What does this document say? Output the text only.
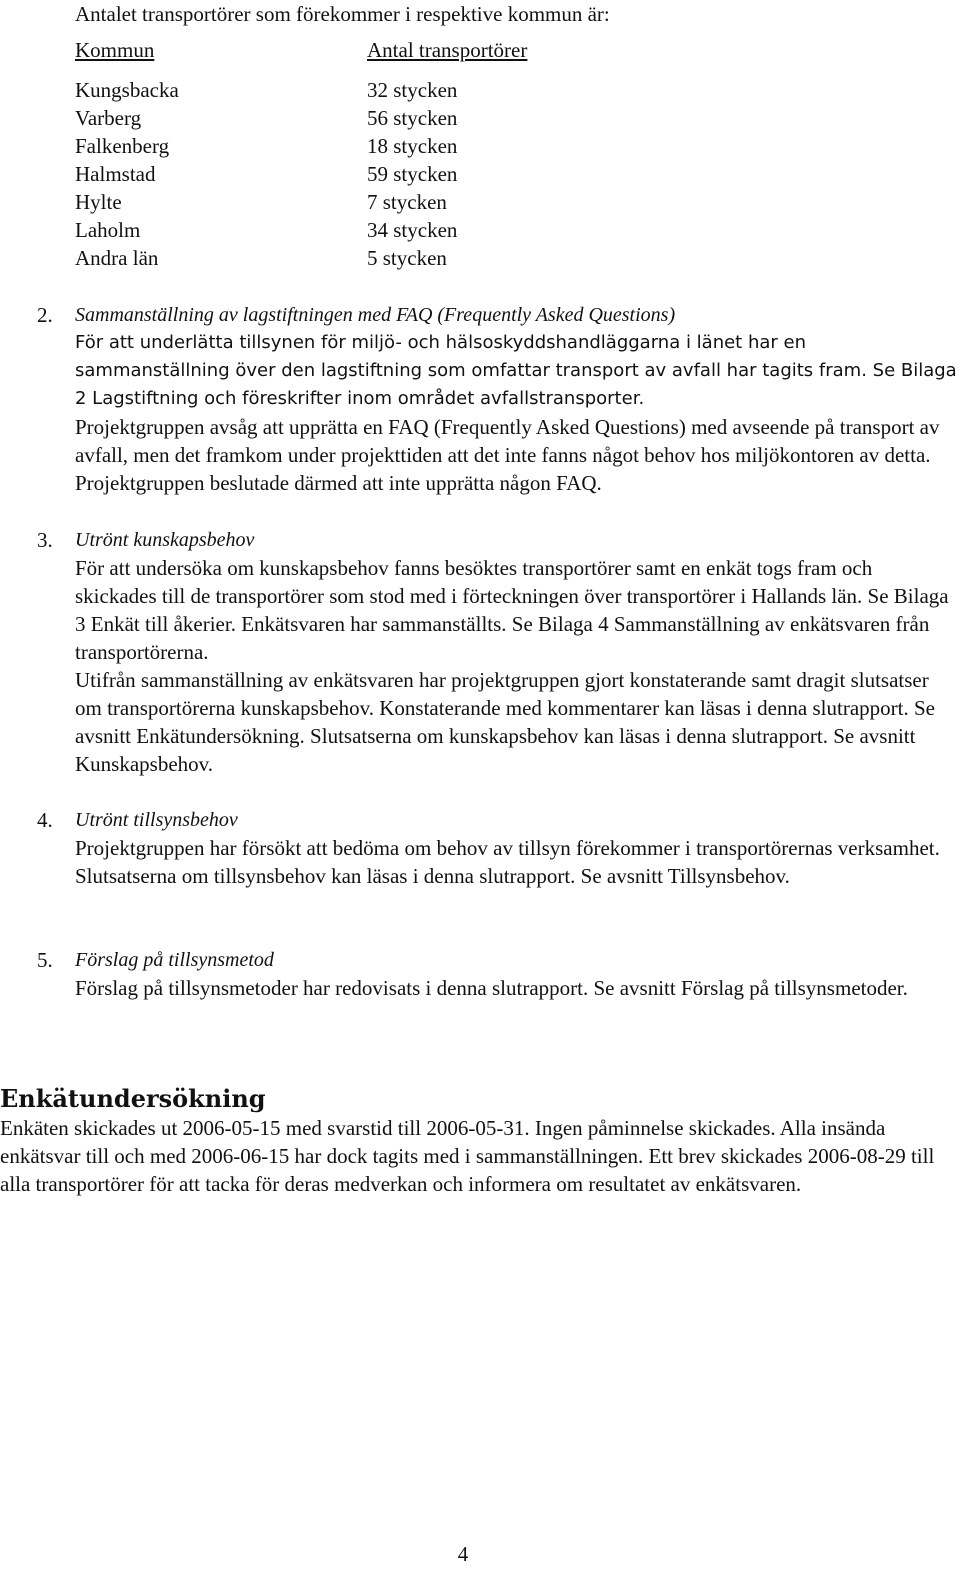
Antalet transportörer som förekommer i respektive kommun är:
Kommun	Antal transportörer
Kungsbacka	32 stycken
Varberg	56 stycken
Falkenberg	18 stycken
Halmstad	59 stycken
Hylte	7 stycken
Laholm	34 stycken
Andra län	5 stycken
2.	Sammanställning av lagstiftningen med FAQ (Frequently Asked Questions)

För att underlätta tillsynen för miljö- och hälsoskyddshandläggarna i länet har en sammanställning över den lagstiftning som omfattar transport av avfall har tagits fram. Se Bilaga 2 Lagstiftning och föreskrifter inom området avfallstransporter.

Projektgruppen avsåg att upprätta en FAQ (Frequently Asked Questions) med avseende på transport av avfall, men det framkom under projekttiden att det inte fanns något behov hos miljökontoren av detta. Projektgruppen beslutade därmed att inte upprätta någon FAQ.

3.	Utrönt kunskapsbehov

För att undersöka om kunskapsbehov fanns besöktes transportörer samt en enkät togs fram och skickades till de transportörer som stod med i förteckningen över transportörer i Hallands län. Se Bilaga 3 Enkät till åkerier. Enkätsvaren har sammanställts. Se Bilaga 4 Sammanställning av enkätsvaren från transportörerna.

Utifrån sammanställning av enkätsvaren har projektgruppen gjort konstaterande samt dragit slutsatser om transportörerna kunskapsbehov. Konstaterande med kommentarer kan läsas i denna slutrapport. Se avsnitt Enkätundersökning. Slutsatserna om kunskapsbehov kan läsas i denna slutrapport. Se avsnitt Kunskapsbehov.

4.	Utrönt tillsynsbehov

Projektgruppen har försökt att bedöma om behov av tillsyn förekommer i transportörernas verksamhet. Slutsatserna om tillsynsbehov kan läsas i denna slutrapport. Se avsnitt Tillsynsbehov.

5.	Förslag på tillsynsmetod

Förslag på tillsynsmetoder har redovisats i denna slutrapport. Se avsnitt Förslag på tillsynsmetoder.

Enkätundersökning

Enkäten skickades ut 2006-05-15 med svarstid till 2006-05-31. Ingen påminnelse skickades. Alla insända enkätsvar till och med 2006-06-15 har dock tagits med i sammanställningen. Ett brev skickades 2006-08-29 till alla transportörer för att tacka för deras medverkan och informera om resultatet av enkätsvaren.

4
